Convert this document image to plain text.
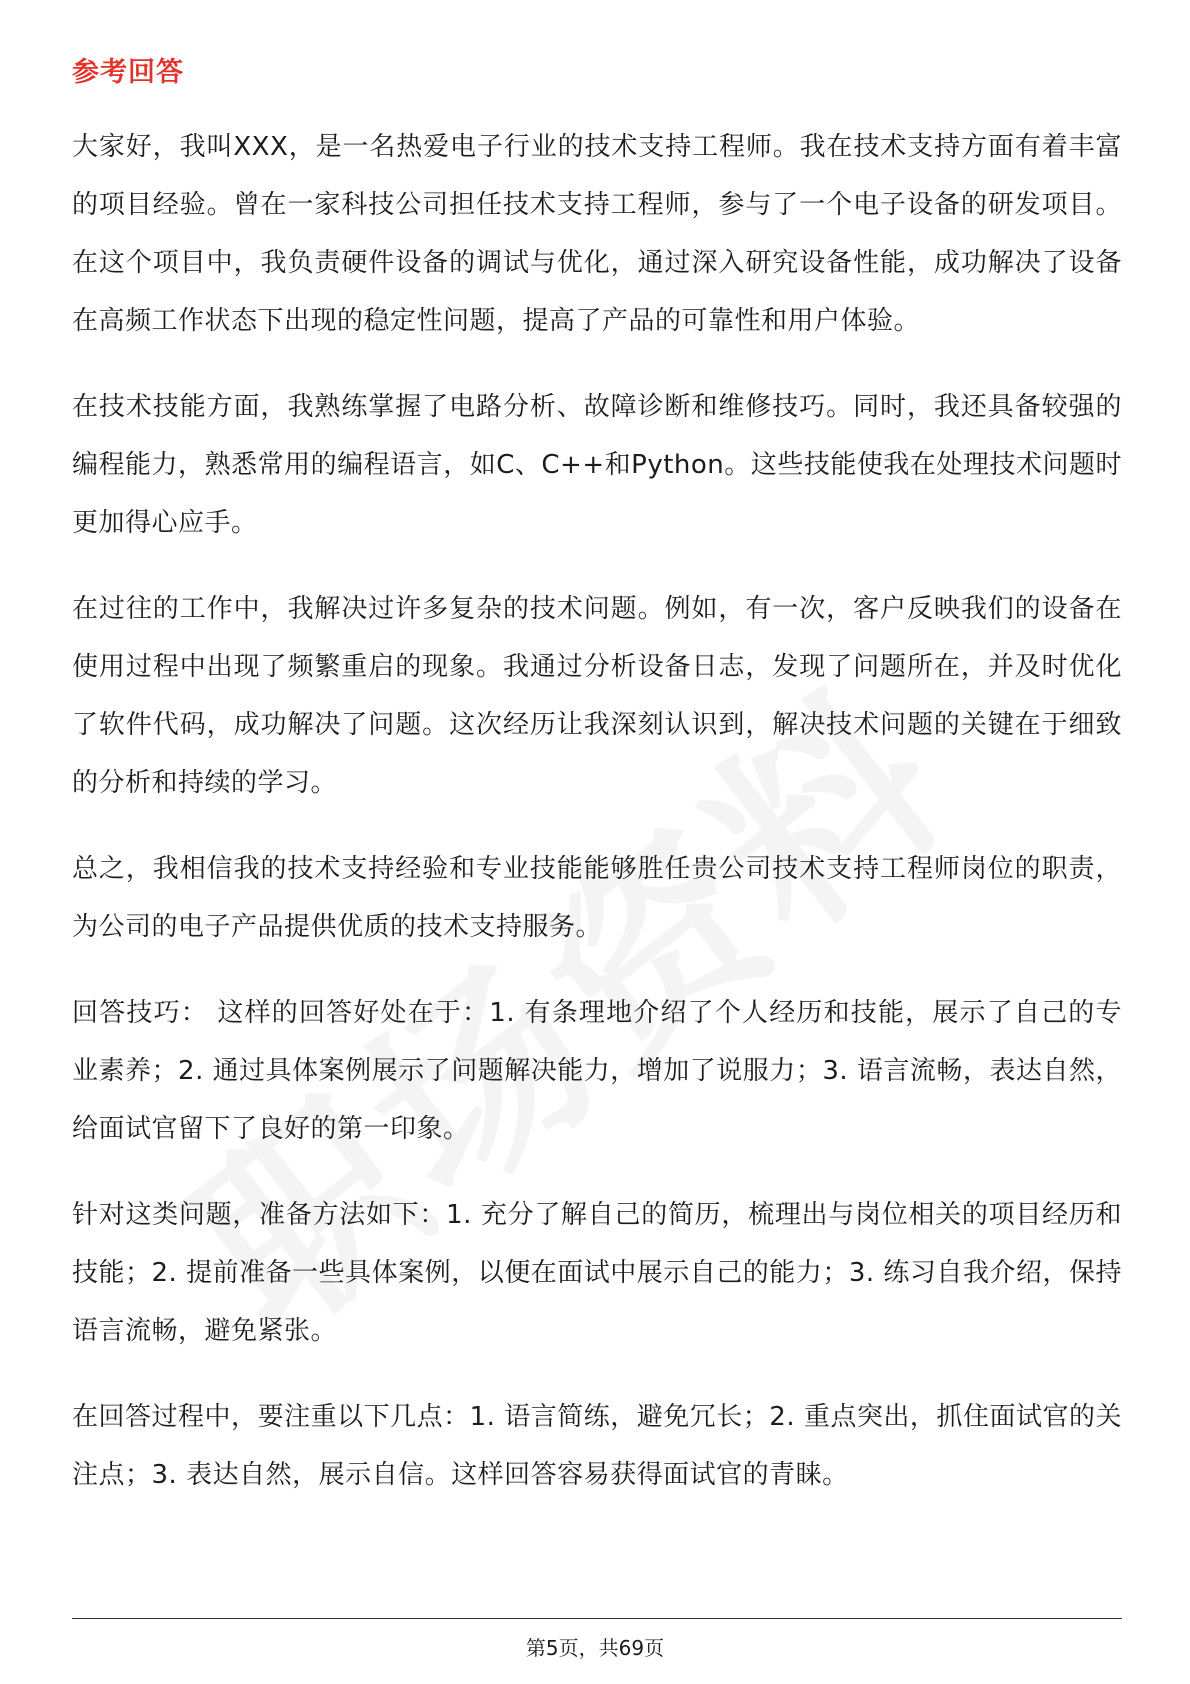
参考回答

大家好，我叫XXX，是一名热爱电子行业的技术支持工程师。我在技术支持方面有着丰富的项目经验。曾在一家科技公司担任技术支持工程师，参与了一个电子设备的研发项目。在这个项目中，我负责硬件设备的调试与优化，通过深入研究设备性能，成功解决了设备在高频工作状态下出现的稳定性问题，提高了产品的可靠性和用户体验。

在技术技能方面，我熟练掌握了电路分析、故障诊断和维修技巧。同时，我还具备较强的编程能力，熟悉常用的编程语言，如C、C++和Python。这些技能使我在处理技术问题时更加得心应手。

在过往的工作中，我解决过许多复杂的技术问题。例如，有一次，客户反映我们的设备在使用过程中出现了频繁重启的现象。我通过分析设备日志，发现了问题所在，并及时优化了软件代码，成功解决了问题。这次经历让我深刻认识到，解决技术问题的关键在于细致的分析和持续的学习。

总之，我相信我的技术支持经验和专业技能能够胜任贵公司技术支持工程师岗位的职责，为公司的电子产品提供优质的技术支持服务。

回答技巧： 这样的回答好处在于：1. 有条理地介绍了个人经历和技能，展示了自己的专业素养；2. 通过具体案例展示了问题解决能力，增加了说服力；3. 语言流畅，表达自然，给面试官留下了良好的第一印象。

针对这类问题，准备方法如下：1. 充分了解自己的简历，梳理出与岗位相关的项目经历和技能；2. 提前准备一些具体案例，以便在面试中展示自己的能力；3. 练习自我介绍，保持语言流畅，避免紧张。

在回答过程中，要注重以下几点：1. 语言简练，避免冗长；2. 重点突出，抓住面试官的关注点；3. 表达自然，展示自信。这样回答容易获得面试官的青睐。

第5页，共69页
